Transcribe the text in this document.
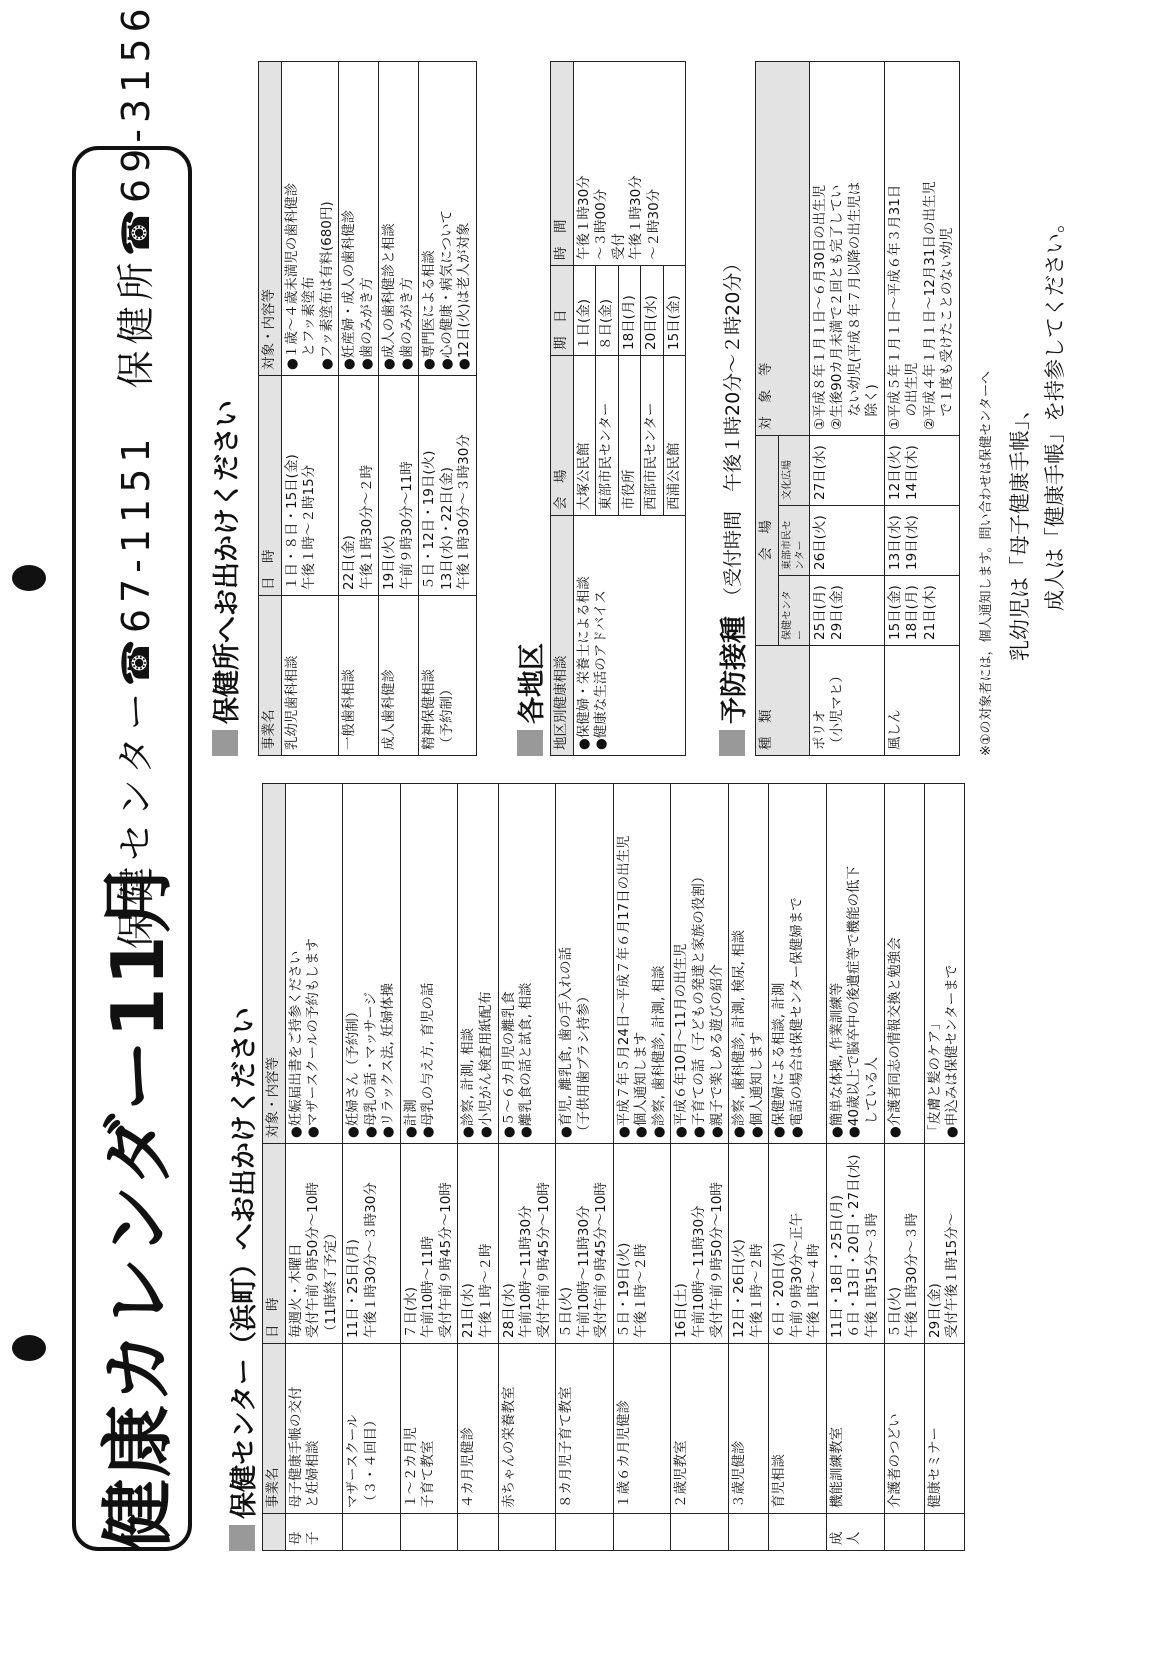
健康カレンダー11月
保健センター☎67-1151　保健所☎69-3156
保健センター（浜町）へお出かけください
	事業名	日　時	対象・内容等
母子	母子健康手帳の交付 と妊婦相談	毎週火・木曜日 受付午前９時50分～10時 （11時終了予定）	●妊娠届出書をご持参ください ●マザースクールの予約もします

	マザースクール （３・４回目）	11日・25日(月) 午後１時30分～３時30分	●妊婦さん（予約制） ●母乳の話・マッサージ ●リラックス法, 妊婦体操

	１～２カ月児 子育て教室	７日(水) 午前10時～11時 受付午前９時45分～10時	●計測 ●母乳の与え方, 育児の話

	４カ月児健診	21日(水) 午後１時～２時	●診察, 計測, 相談 ●小児がん検査用紙配布

	赤ちゃんの栄養教室	28日(水) 午前10時～11時30分 受付午前９時45分～10時	●５～６カ月児の離乳食 ●離乳食の話と試食, 相談

	８カ月児子育て教室	５日(火) 午前10時～11時30分 受付午前９時45分～10時	●育児, 離乳食, 歯の手入れの話 （子供用歯ブラシ持参）

	１歳６カ月児健診	５日・19日(火) 午後１時～２時	●平成７年５月24日～平成７年６月17日の出生児 ●個人通知します ●診察, 歯科健診, 計測, 相談

	２歳児教室	16日(土) 午前10時～11時30分 受付午前９時50分～10時	●平成６年10月～11月の出生児 ●子育ての話（子どもの発達と家族の役割） ●親子で楽しめる遊びの紹介

	３歳児健診	12日・26日(火) 午後１時～２時	●診察, 歯科健診, 計測, 検尿, 相談 ●個人通知します

	育児相談	６日・20日(水) 午前９時30分～正午 午後１時～４時	●保健婦による相談, 計測 ●電話の場合は保健センター保健婦まで

成人	機能訓練教室	11日・18日・25日(月) ６日・13日・20日・27日(水) 午後１時15分～３時	●簡単な体操, 作業訓練等 ●40歳以上で脳卒中の後遺症等で機能の低下 　している人

	介護者のつどい	５日(火) 午後１時30分～３時	●介護者同志の情報交換と勉強会

	健康セミナー	29日(金) 受付午後１時15分～	「皮膚と髪のケア」 ●申込みは保健センターまで
保健所へお出かけください
事業名	日　時	対象・内容等

乳幼児歯科相談	１日・８日・15日(金) 午後１時～２時15分	●１歳～４歳未満児の歯科健診 　とフッ素塗布 ●フッ素塗布は有料(680円)

一般歯科相談	22日(金) 午後１時30分～２時	●妊産婦・成人の歯科健診 ●歯のみがき方

成人歯科健診	19日(火) 午前９時30分～11時	●成人の歯科健診と相談 ●歯のみがき方

精神保健相談 （予約制）	５日・12日・19日(火) 13日(水)・22日(金) 午後１時30分～３時30分	●専門医による相談 ●心の健康・病気について ●12日(火)は老人が対象
各地区 地区別健康相談	会　場	期　日	時　間

●保健婦・栄養士による相談 ●健康な生活のアドバイス	大塚公民館	１日(金)	午後１時30分 ～３時00分 受付 午後１時30分 ～２時30分

	東部市民センター	８日(金)	
	市役所	18日(月)	
	西部市民センター	20日(水)	
	西浦公民館	15日(金)	
予防接種
（受付時間　午後１時20分～２時20分）
種　類	会　場			対　象　等
	保健センター	東部市民センター	文化広場	

ポリオ （小児マヒ）	25日(月) 29日(金)	26日(火)	27日(水)	①平成８年１月１日～６月30日の出生児 ②生後90カ月未満で２回とも完了してい 　ない幼児(平成８年７月以降の出生児は 　除く)

風しん	15日(金) 18日(月) 21日(木)	13日(水) 19日(水)	12日(火) 14日(木)	①平成５年１月１日～平成６年３月31日 　の出生児 ②平成４年１月１日～12月31日の出生児 　で１度も受けたことのない幼児
※①の対象者には，個人通知します。問い合わせは保健センターへ 乳幼児は「母子健康手帳」、 成人は「健康手帳」を持参してください。
